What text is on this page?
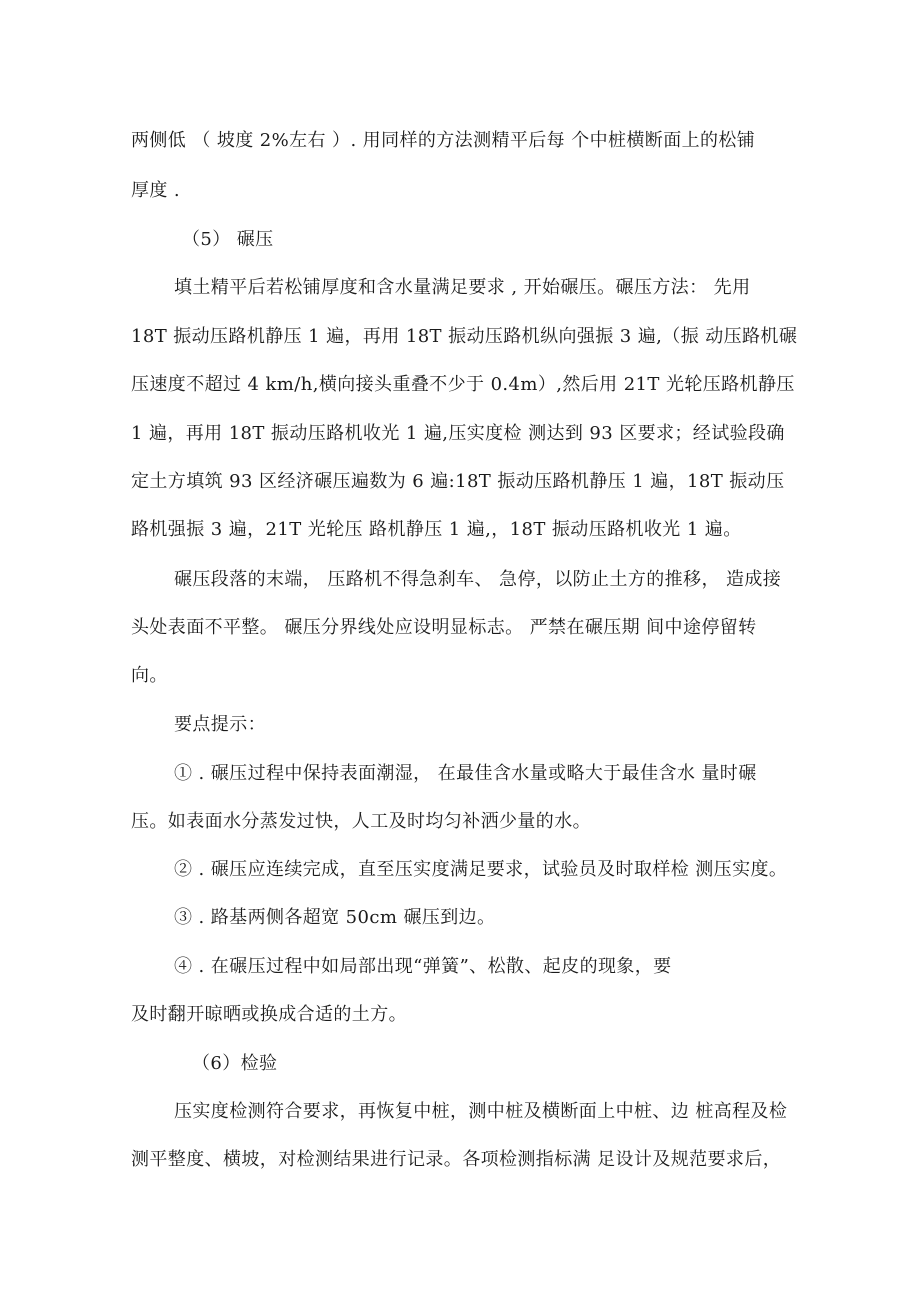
两侧低 （ 坡度 2%左右 ）. 用同样的方法测精平后每 个中桩横断面上的松铺
厚度 .
（5） 碾压
填土精平后若松铺厚度和含水量满足要求 , 开始碾压。碾压方法： 先用
18T 振动压路机静压 1 遍，再用 18T 振动压路机纵向强振 3 遍,（振 动压路机碾
压速度不超过 4 km/h,横向接头重叠不少于 0.4m）,然后用 21T 光轮压路机静压
1 遍，再用 18T 振动压路机收光 1 遍,压实度检 测达到 93 区要求；经试验段确
定土方填筑 93 区经济碾压遍数为 6 遍:18T 振动压路机静压 1 遍，18T 振动压
路机强振 3 遍，21T 光轮压 路机静压 1 遍,，18T 振动压路机收光 1 遍。
碾压段落的末端， 压路机不得急刹车、 急停，以防止土方的推移， 造成接
头处表面不平整。 碾压分界线处应设明显标志。 严禁在碾压期 间中途停留转
向。
要点提示：
① . 碾压过程中保持表面潮湿， 在最佳含水量或略大于最佳含水 量时碾
压。如表面水分蒸发过快，人工及时均匀补洒少量的水。
② . 碾压应连续完成，直至压实度满足要求，试验员及时取样检 测压实度。
③ . 路基两侧各超宽 50cm 碾压到边。
④ . 在碾压过程中如局部出现“弹簧”、松散、起皮的现象，要
及时翻开晾晒或换成合适的土方。
（6）检验
压实度检测符合要求，再恢复中桩，测中桩及横断面上中桩、边 桩高程及检
测平整度、横坡，对检测结果进行记录。各项检测指标满 足设计及规范要求后，
